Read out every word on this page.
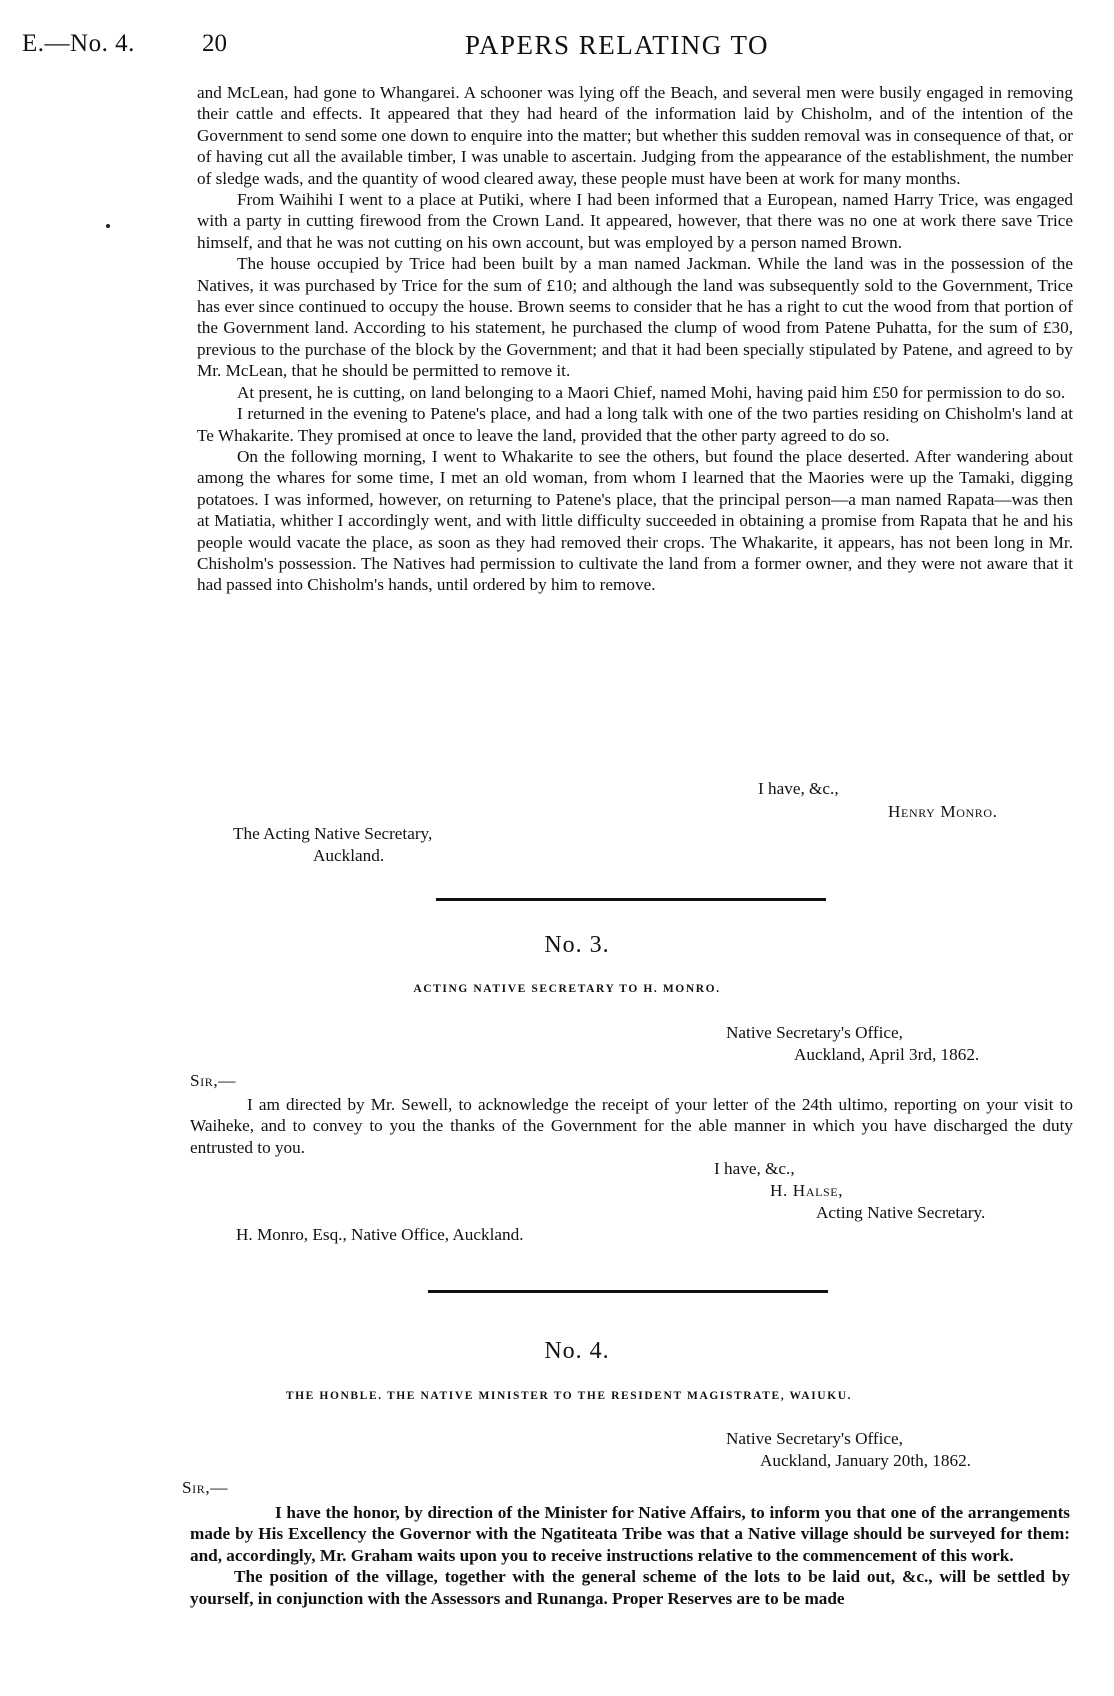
E.—No. 4.	20	PAPERS RELATING TO

and McLean, had gone to Whangarei. A schooner was lying off the Beach, and several men were busily engaged in removing their cattle and effects. It appeared that they had heard of the information laid by Chisholm, and of the intention of the Government to send some one down to enquire into the matter; but whether this sudden removal was in consequence of that, or of having cut all the available timber, I was unable to ascertain. Judging from the appearance of the establishment, the number of sledge wads, and the quantity of wood cleared away, these people must have been at work for many months.

From Waihihi I went to a place at Putiki, where I had been informed that a European, named Harry Trice, was engaged with a party in cutting firewood from the Crown Land. It appeared, however, that there was no one at work there save Trice himself, and that he was not cutting on his own account, but was employed by a person named Brown.

The house occupied by Trice had been built by a man named Jackman. While the land was in the possession of the Natives, it was purchased by Trice for the sum of £10; and although the land was subsequently sold to the Government, Trice has ever since continued to occupy the house. Brown seems to consider that he has a right to cut the wood from that portion of the Government land. According to his statement, he purchased the clump of wood from Patene Puhatta, for the sum of £30, previous to the purchase of the block by the Government; and that it had been specially stipulated by Patene, and agreed to by Mr. McLean, that he should be permitted to remove it.

At present, he is cutting, on land belonging to a Maori Chief, named Mohi, having paid him £50 for permission to do so.

I returned in the evening to Patene's place, and had a long talk with one of the two parties residing on Chisholm's land at Te Whakarite. They promised at once to leave the land, provided that the other party agreed to do so.

On the following morning, I went to Whakarite to see the others, but found the place deserted. After wandering about among the whares for some time, I met an old woman, from whom I learned that the Maories were up the Tamaki, digging potatoes. I was informed, however, on returning to Patene's place, that the principal person—a man named Rapata—was then at Matiatia, whither I accordingly went, and with little difficulty succeeded in obtaining a promise from Rapata that he and his people would vacate the place, as soon as they had removed their crops. The Whakarite, it appears, has not been long in Mr. Chisholm's possession. The Natives had permission to cultivate the land from a former owner, and they were not aware that it had passed into Chisholm's hands, until ordered by him to remove.

I have, &c.,
Henry Monro.
The Acting Native Secretary,
Auckland.
No. 3.
ACTING NATIVE SECRETARY TO H. MONRO.
Native Secretary's Office,
Auckland, April 3rd, 1862.
Sir,—

I am directed by Mr. Sewell, to acknowledge the receipt of your letter of the 24th ultimo, reporting on your visit to Waiheke, and to convey to you the thanks of the Government for the able manner in which you have discharged the duty entrusted to you.

I have, &c.,
H. Halse,
Acting Native Secretary.
H. Monro, Esq., Native Office, Auckland.
No. 4.
THE HONBLE. THE NATIVE MINISTER TO THE RESIDENT MAGISTRATE, WAIUKU.
Native Secretary's Office,
Auckland, January 20th, 1862.
Sir,—

I have the honor, by direction of the Minister for Native Affairs, to inform you that one of the arrangements made by His Excellency the Governor with the Ngatiteata Tribe was that a Native village should be surveyed for them: and, accordingly, Mr. Graham waits upon you to receive instructions relative to the commencement of this work.

The position of the village, together with the general scheme of the lots to be laid out, &c., will be settled by yourself, in conjunction with the Assessors and Runanga. Proper Reserves are to be made
